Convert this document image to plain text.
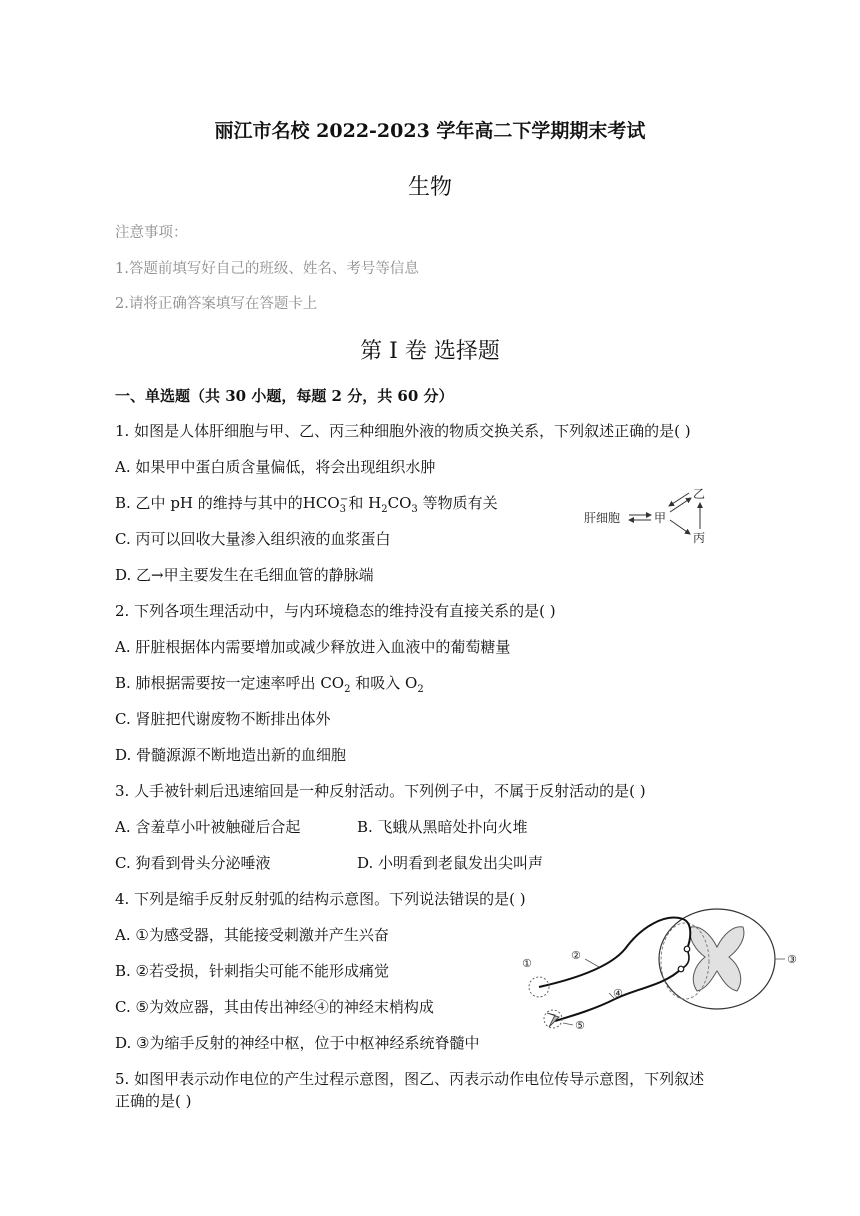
丽江市名校 2022-2023 学年高二下学期期末考试
生物
注意事项：
1.答题前填写好自己的班级、姓名、考号等信息
2.请将正确答案填写在答题卡上
第 I 卷 选择题
一、单选题（共 30 小题，每题 2 分，共 60 分）
1. 如图是人体肝细胞与甲、乙、丙三种细胞外液的物质交换关系，下列叙述正确的是( )
A. 如果甲中蛋白质含量偏低，将会出现组织水肿
B. 乙中 pH 的维持与其中的$HCO_3^-$和 $H_2CO_3$ 等物质有关
C. 丙可以回收大量渗入组织液的血浆蛋白
D. 乙→甲主要发生在毛细血管的静脉端
肝细胞	甲
乙
丙
2. 下列各项生理活动中，与内环境稳态的维持没有直接关系的是( )
A. 肝脏根据体内需要增加或减少释放进入血液中的葡萄糖量
B. 肺根据需要按一定速率呼出 $CO_2$ 和吸入 $O_2$
C. 肾脏把代谢废物不断排出体外
D. 骨髓源源不断地造出新的血细胞
3. 人手被针刺后迅速缩回是一种反射活动。下列例子中，不属于反射活动的是( )
A. 含羞草小叶被触碰后合起	B. 飞蛾从黑暗处扑向火堆
C. 狗看到骨头分泌唾液	D. 小明看到老鼠发出尖叫声
4. 下列是缩手反射反射弧的结构示意图。下列说法错误的是( )
A. ①为感受器，其能接受刺激并产生兴奋
B. ②若受损，针刺指尖可能不能形成痛觉
C. ⑤为效应器，其由传出神经④的神经末梢构成
D. ③为缩手反射的神经中枢，位于中枢神经系统脊髓中
①
②	③
④
⑤
5. 如图甲表示动作电位的产生过程示意图，图乙、丙表示动作电位传导示意图，下列叙述
正确的是( )
